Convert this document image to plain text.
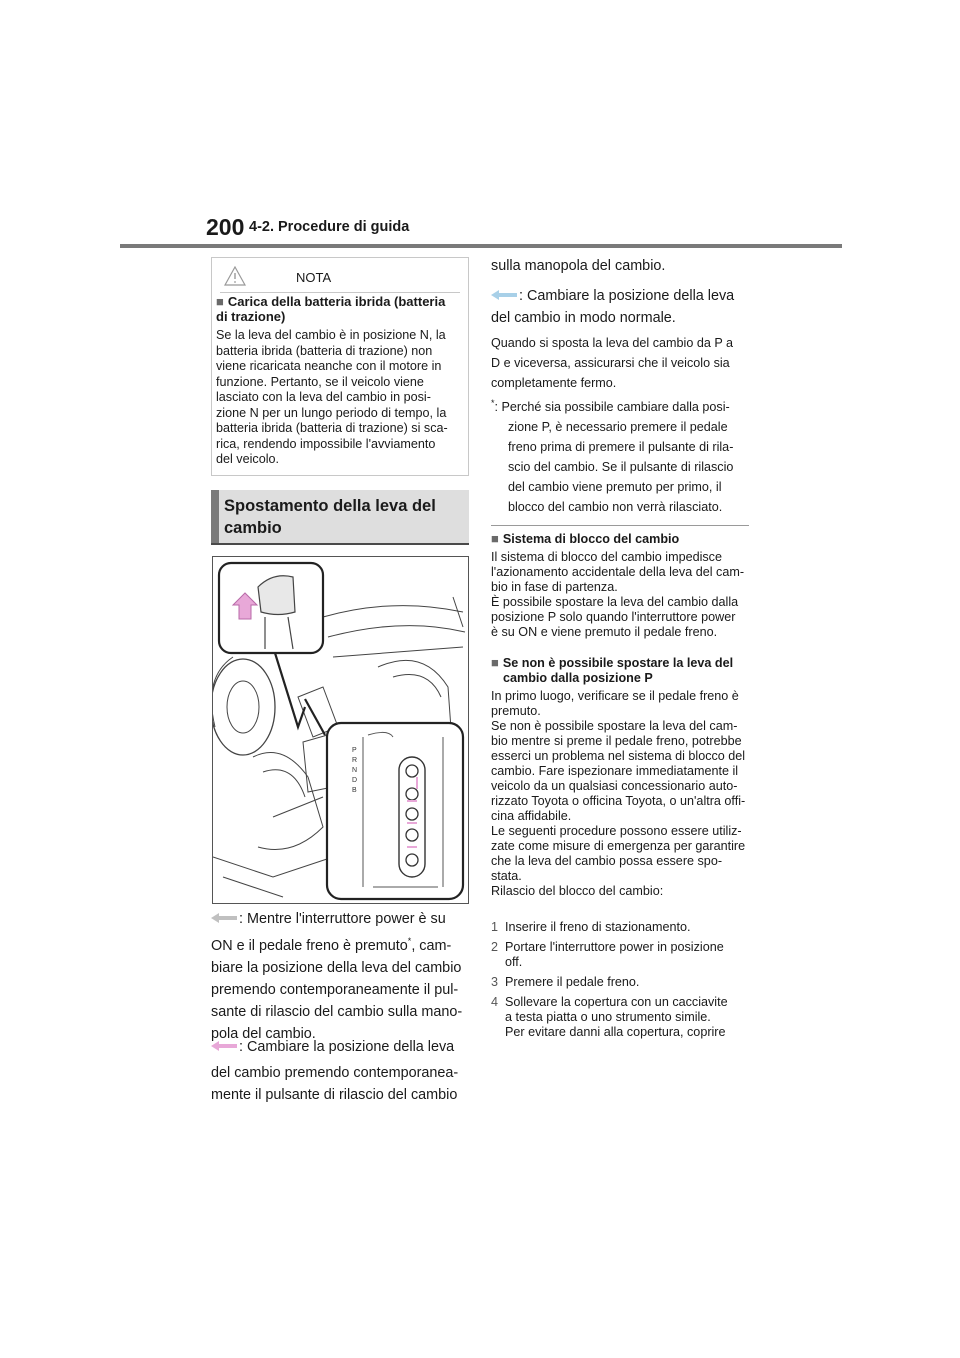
200 4-2. Procedure di guida
NOTA
■ Carica della batteria ibrida (batteria di trazione)
Se la leva del cambio è in posizione N, la
batteria ibrida (batteria di trazione) non
viene ricaricata neanche con il motore in
funzione. Pertanto, se il veicolo viene
lasciato con la leva del cambio in posi-
zione N per un lungo periodo di tempo, la
batteria ibrida (batteria di trazione) si sca-
rica, rendendo impossibile l'avviamento
del veicolo.
Spostamento della leva del
cambio
P
R
N
D
B
: Mentre l'interruttore power è su
ON e il pedale freno è premuto*, cam-
biare la posizione della leva del cambio
premendo contemporaneamente il pul-
sante di rilascio del cambio sulla mano-
pola del cambio.
: Cambiare la posizione della leva
del cambio premendo contemporanea-
mente il pulsante di rilascio del cambio
sulla manopola del cambio.
: Cambiare la posizione della leva
del cambio in modo normale.
Quando si sposta la leva del cambio da P a
D e viceversa, assicurarsi che il veicolo sia
completamente fermo.
*: Perché sia possibile cambiare dalla posi-
zione P, è necessario premere il pedale
freno prima di premere il pulsante di rila-
scio del cambio. Se il pulsante di rilascio
del cambio viene premuto per primo, il
blocco del cambio non verrà rilasciato.
■ Sistema di blocco del cambio
Il sistema di blocco del cambio impedisce
l'azionamento accidentale della leva del cam-
bio in fase di partenza.
È possibile spostare la leva del cambio dalla
posizione P solo quando l'interruttore power
è su ON e viene premuto il pedale freno.
■ Se non è possibile spostare la leva del
cambio dalla posizione P
In primo luogo, verificare se il pedale freno è
premuto.
Se non è possibile spostare la leva del cam-
bio mentre si preme il pedale freno, potrebbe
esserci un problema nel sistema di blocco del
cambio. Fare ispezionare immediatamente il
veicolo da un qualsiasi concessionario auto-
rizzato Toyota o officina Toyota, o un'altra offi-
cina affidabile.
Le seguenti procedure possono essere utiliz-
zate come misure di emergenza per garantire
che la leva del cambio possa essere spo-
stata.
Rilascio del blocco del cambio:
1 Inserire il freno di stazionamento.
2 Portare l'interruttore power in posizione
off.
3 Premere il pedale freno.
4 Sollevare la copertura con un cacciavite
a testa piatta o uno strumento simile.
Per evitare danni alla copertura, coprire
